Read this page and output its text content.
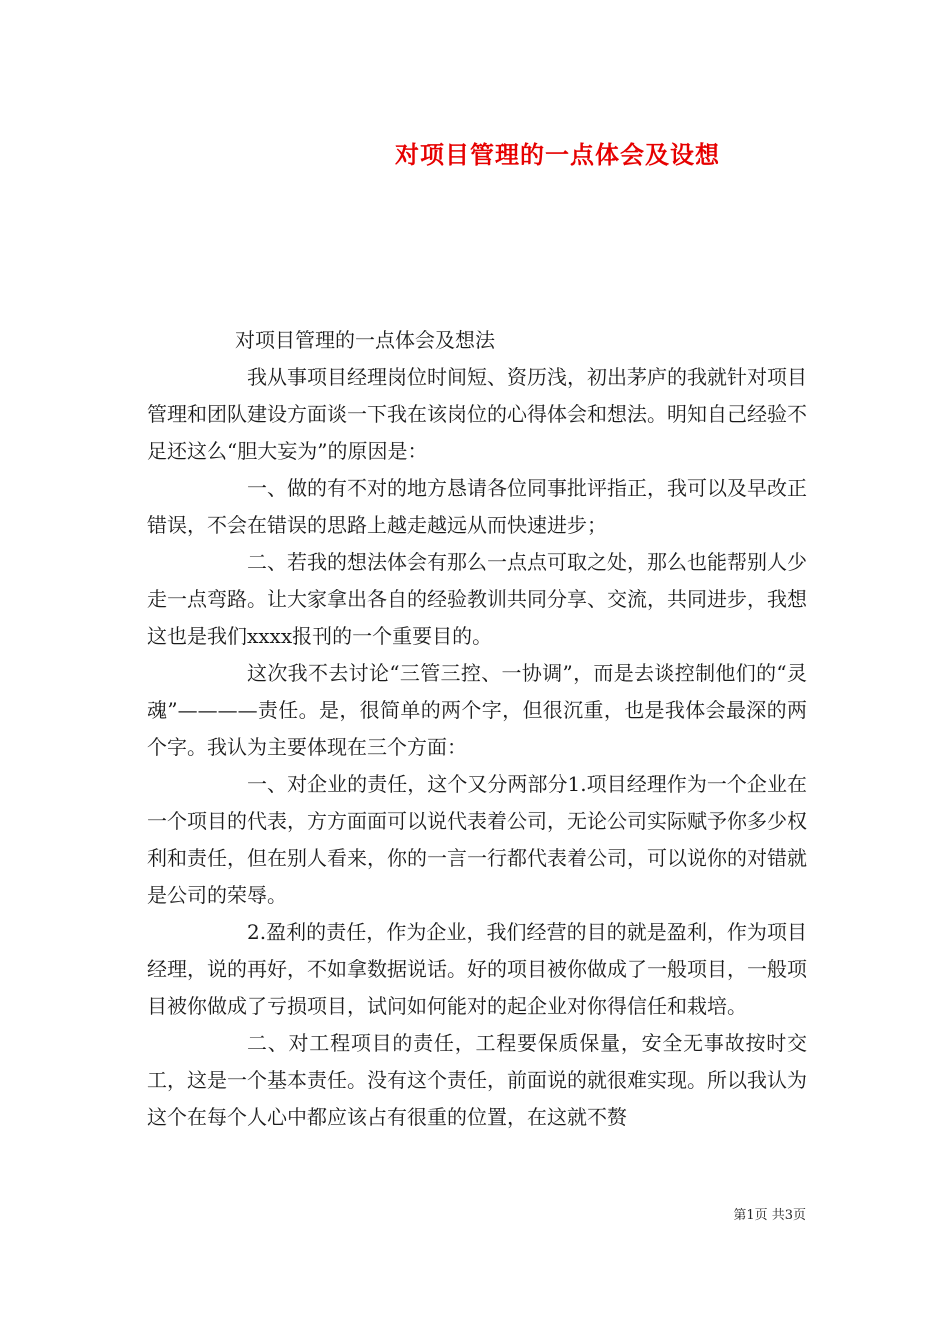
对项目管理的一点体会及设想

对项目管理的一点体会及想法

我从事项目经理岗位时间短、资历浅，初出茅庐的我就针对项目管理和团队建设方面谈一下我在该岗位的心得体会和想法。明知自己经验不足还这么“胆大妄为”的原因是：

一、做的有不对的地方恳请各位同事批评指正，我可以及早改正错误，不会在错误的思路上越走越远从而快速进步；

二、若我的想法体会有那么一点点可取之处，那么也能帮别人少走一点弯路。让大家拿出各自的经验教训共同分享、交流，共同进步，我想这也是我们xxxx报刊的一个重要目的。

这次我不去讨论“三管三控、一协调”，而是去谈控制他们的“灵魂”————责任。是，很简单的两个字，但很沉重，也是我体会最深的两个字。我认为主要体现在三个方面：

一、对企业的责任，这个又分两部分1.项目经理作为一个企业在一个项目的代表，方方面面可以说代表着公司，无论公司实际赋予你多少权利和责任，但在别人看来，你的一言一行都代表着公司，可以说你的对错就是公司的荣辱。

2.盈利的责任，作为企业，我们经营的目的就是盈利，作为项目经理，说的再好，不如拿数据说话。好的项目被你做成了一般项目，一般项目被你做成了亏损项目，试问如何能对的起企业对你得信任和栽培。

二、对工程项目的责任，工程要保质保量，安全无事故按时交工，这是一个基本责任。没有这个责任，前面说的就很难实现。所以我认为这个在每个人心中都应该占有很重的位置，在这就不赘

第1页 共3页
